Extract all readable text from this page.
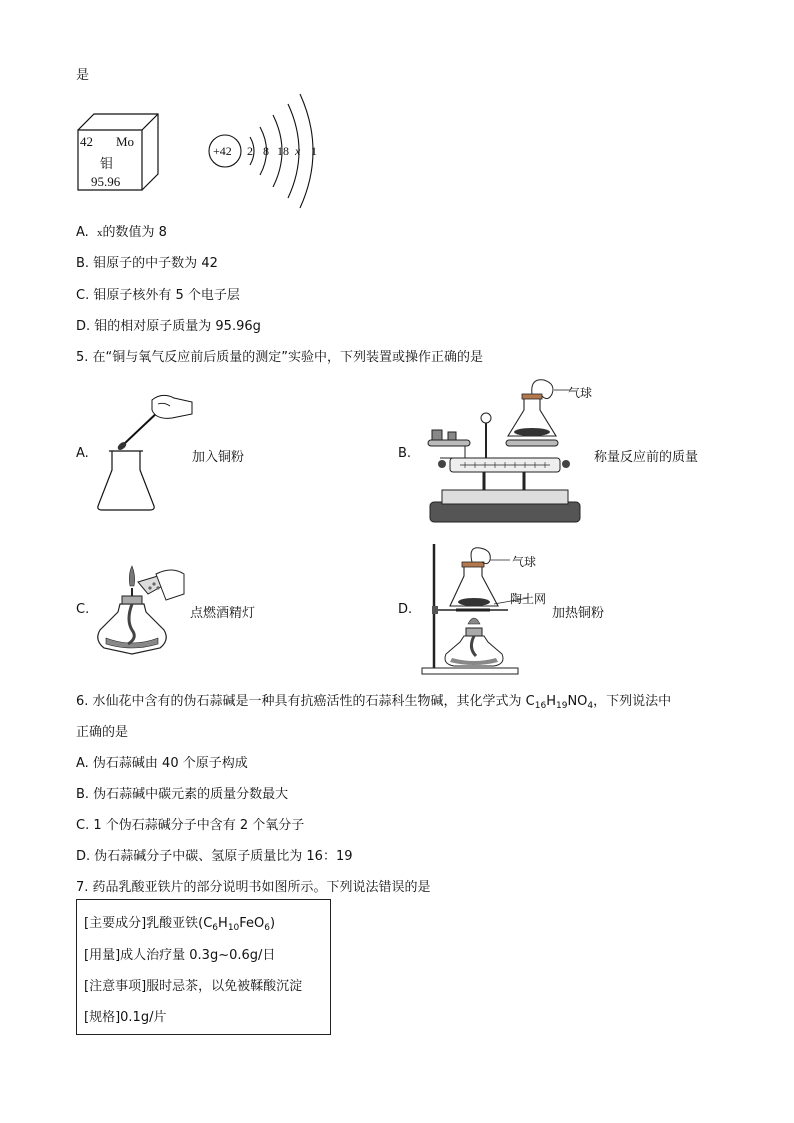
是
42 Mo
钼
95.96
+42 2 8 18 x 1
A. x的数值为 8
B. 钼原子的中子数为 42
C. 钼原子核外有 5 个电子层
D. 钼的相对原子质量为 95.96g
5. 在“铜与氧气反应前后质量的测定”实验中，下列装置或操作正确的是
A.	加入铜粉	B.
气球
称量反应前的质量
C.	点燃酒精灯	D.
气球
陶土网
加热铜粉
6. 水仙花中含有的伪石蒜碱是一种具有抗癌活性的石蒜科生物碱，其化学式为 $C_{16}H_{19}NO_4$，下列说法中
正确的是
A. 伪石蒜碱由 40 个原子构成
B. 伪石蒜碱中碳元素的质量分数最大
C. 1 个伪石蒜碱分子中含有 2 个氧分子
D. 伪石蒜碱分子中碳、氢原子质量比为 16：19
7. 药品乳酸亚铁片的部分说明书如图所示。下列说法错误的是
[主要成分]乳酸亚铁$(C_6H_{10}FeO_6)$
[用量]成人治疗量 0.3g~0.6g/日
[注意事项]服时忌茶，以免被鞣酸沉淀
[规格]0.1g/片
